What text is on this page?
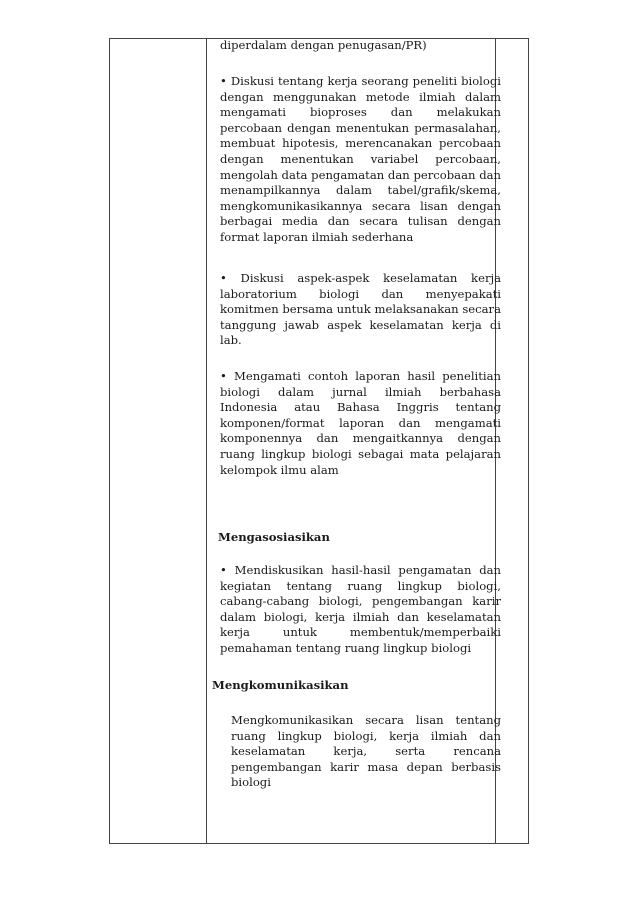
diperdalam dengan penugasan/PR)
• Diskusi tentang kerja seorang peneliti biologi dengan menggunakan metode ilmiah dalam mengamati bioproses dan melakukan percobaan dengan menentukan permasalahan, membuat hipotesis, merencanakan percobaan dengan menentukan variabel percobaan, mengolah data pengamatan dan percobaan dan menampilkannya dalam tabel/grafik/skema, mengkomunikasikannya secara lisan dengan berbagai media dan secara tulisan dengan format laporan ilmiah sederhana
• Diskusi aspek-aspek keselamatan kerja laboratorium biologi dan menyepakati komitmen bersama untuk melaksanakan secara tanggung jawab aspek keselamatan kerja di lab.
• Mengamati contoh laporan hasil penelitian biologi dalam jurnal ilmiah berbahasa Indonesia atau Bahasa Inggris tentang komponen/format laporan dan mengamati komponennya dan mengaitkannya dengan ruang lingkup biologi sebagai mata pelajaran kelompok ilmu alam
Mengasosiasikan
• Mendiskusikan hasil-hasil pengamatan dan kegiatan tentang ruang lingkup biologi, cabang-cabang biologi, pengembangan karir dalam biologi, kerja ilmiah dan keselamatan kerja untuk membentuk/memperbaiki pemahaman tentang ruang lingkup biologi
Mengkomunikasikan
Mengkomunikasikan secara lisan tentang ruang lingkup biologi, kerja ilmiah dan keselamatan kerja, serta rencana pengembangan karir masa depan berbasis biologi
